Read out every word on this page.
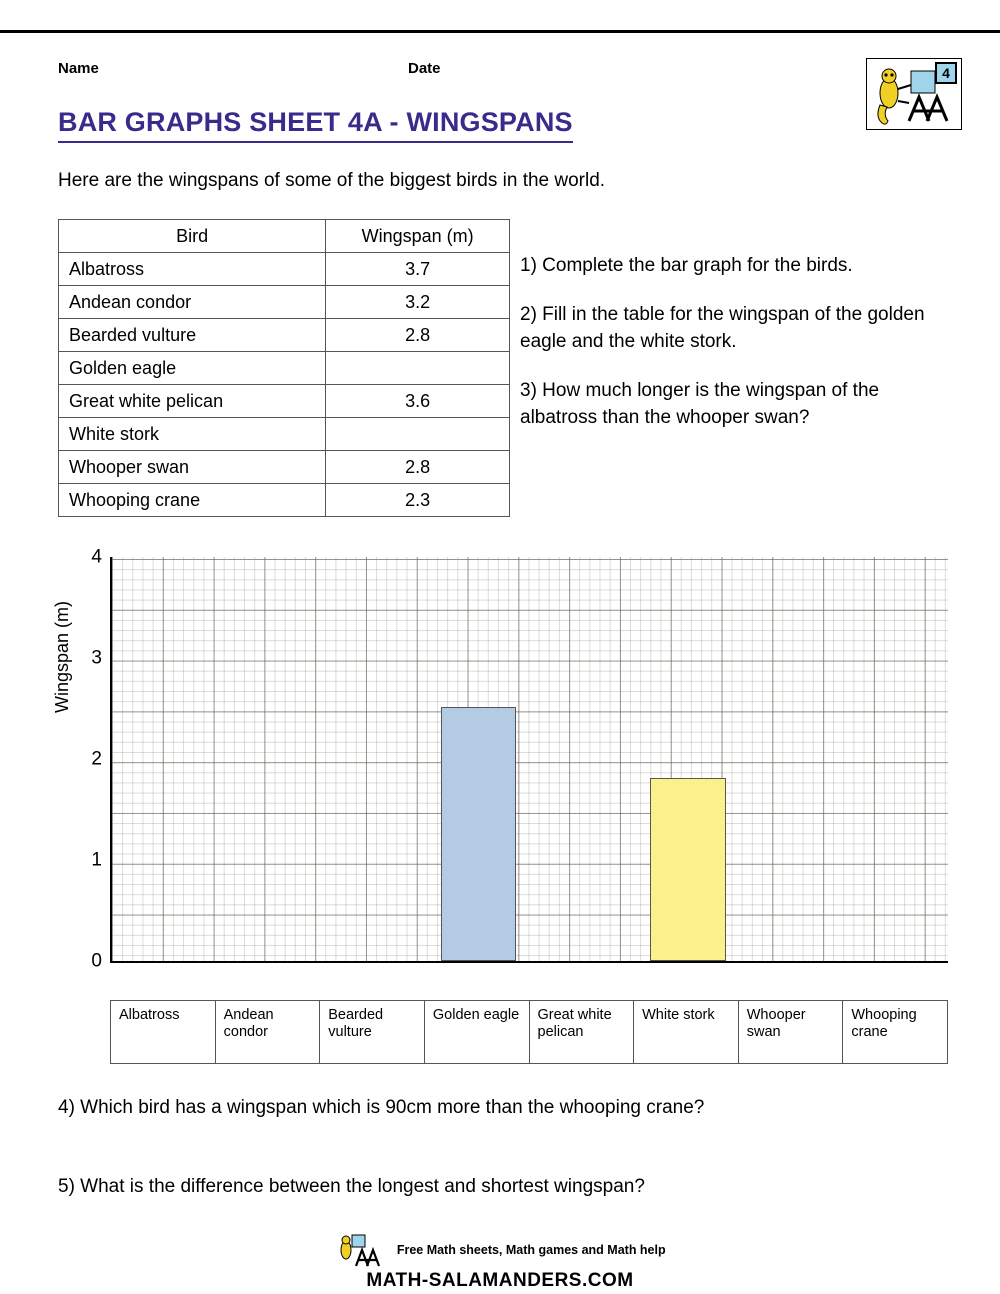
Name	Date	4
BAR GRAPHS SHEET 4A - WINGSPANS
Here are the wingspans of some of the biggest birds in the world.
Bird	Wingspan (m)
Albatross	3.7
Andean condor	3.2
Bearded vulture	2.8
Golden eagle	
Great white pelican	3.6
White stork	
Whooper swan	2.8
Whooping crane	2.3

1) Complete the bar graph for the birds.

2) Fill in the table for the wingspan of the golden eagle and the white stork.

3) How much longer is the wingspan of the albatross than the whooper swan?

Wingspan (m)
0
1
2
3
4
Albatross	Andean condor
Bearded vulture
Golden eagle	Great white pelican
White stork	Whooper swan
Whooping crane
4) Which bird has a wingspan which is 90cm more than the whooping crane?
5) What is the difference between the longest and shortest wingspan?
Free Math sheets, Math games and Math help
MATH-SALAMANDERS.COM
